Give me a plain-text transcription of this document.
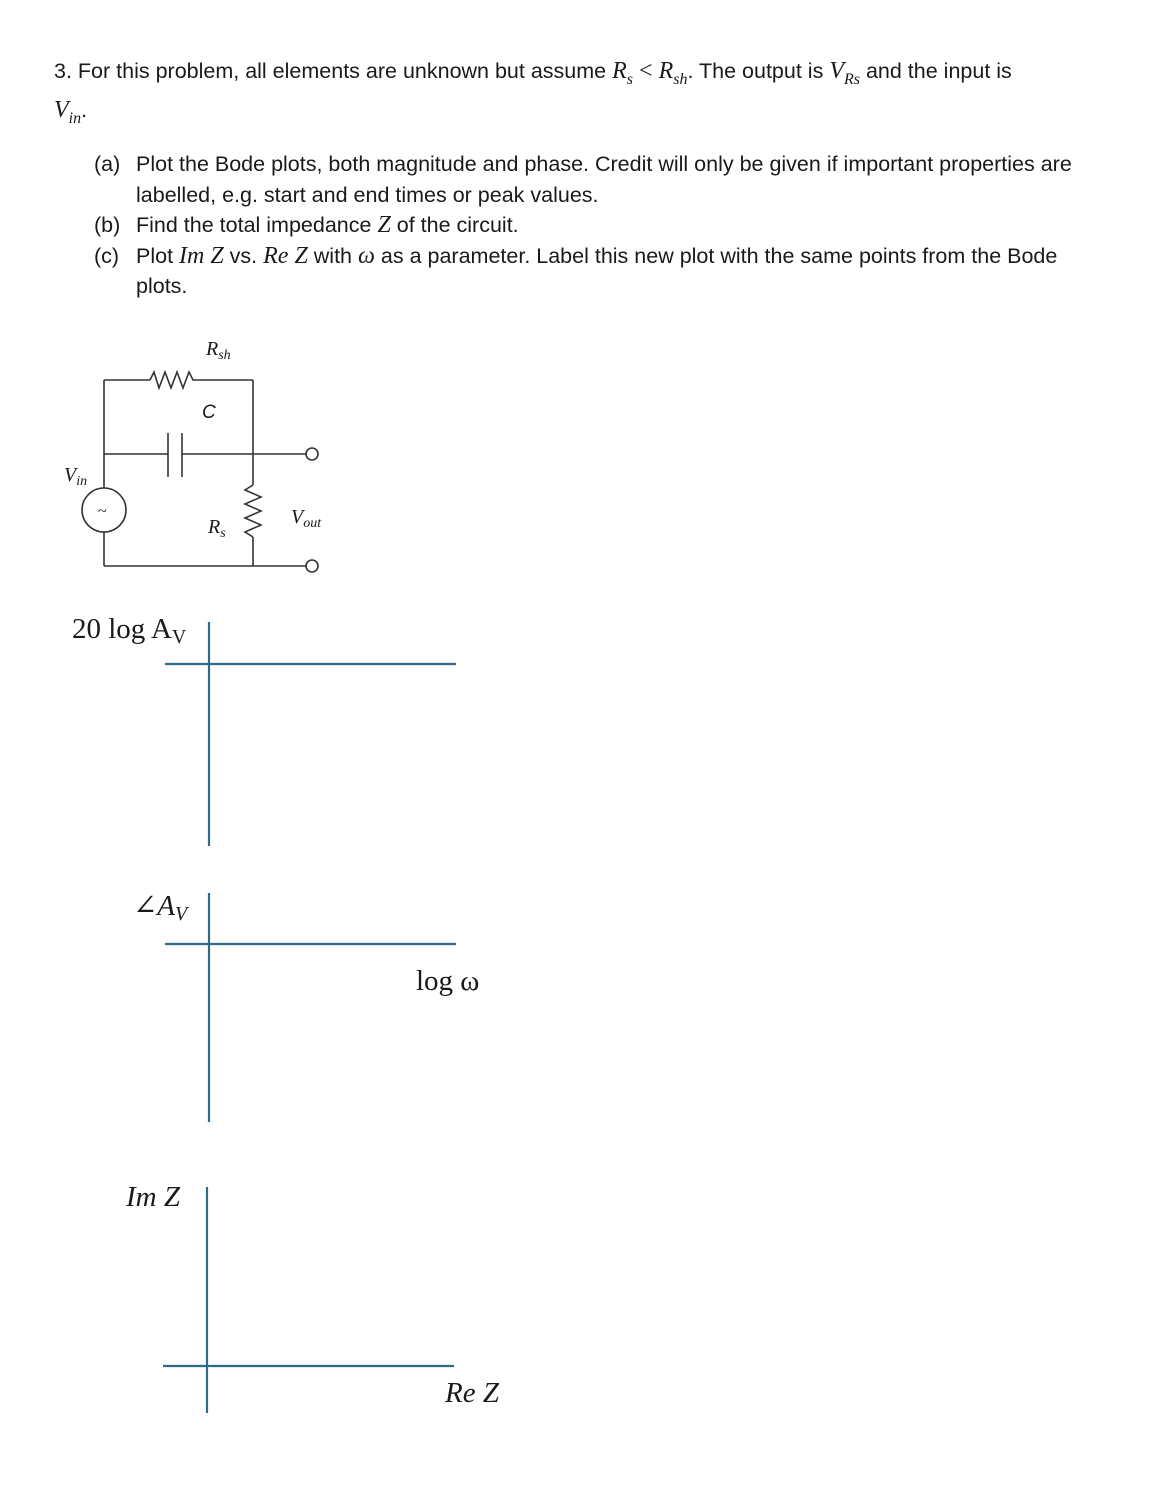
3. For this problem, all elements are unknown but assume $R_s < R_{sh}$. The output is $V_{Rs}$ and the input is
$V_{in}$.
(a) Plot the Bode plots, both magnitude and phase. Credit will only be given if important properties are labelled, e.g. start and end times or peak values.
(b) Find the total impedance Z of the circuit.
(c) Plot Im Z vs. Re Z with ω as a parameter. Label this new plot with the same points from the Bode plots.
$R_{sh}$
C
$V_{in}$
~
$R_s$
$V_{out}$
20 log AV
∠AV
log ω
Im Z
Re Z
